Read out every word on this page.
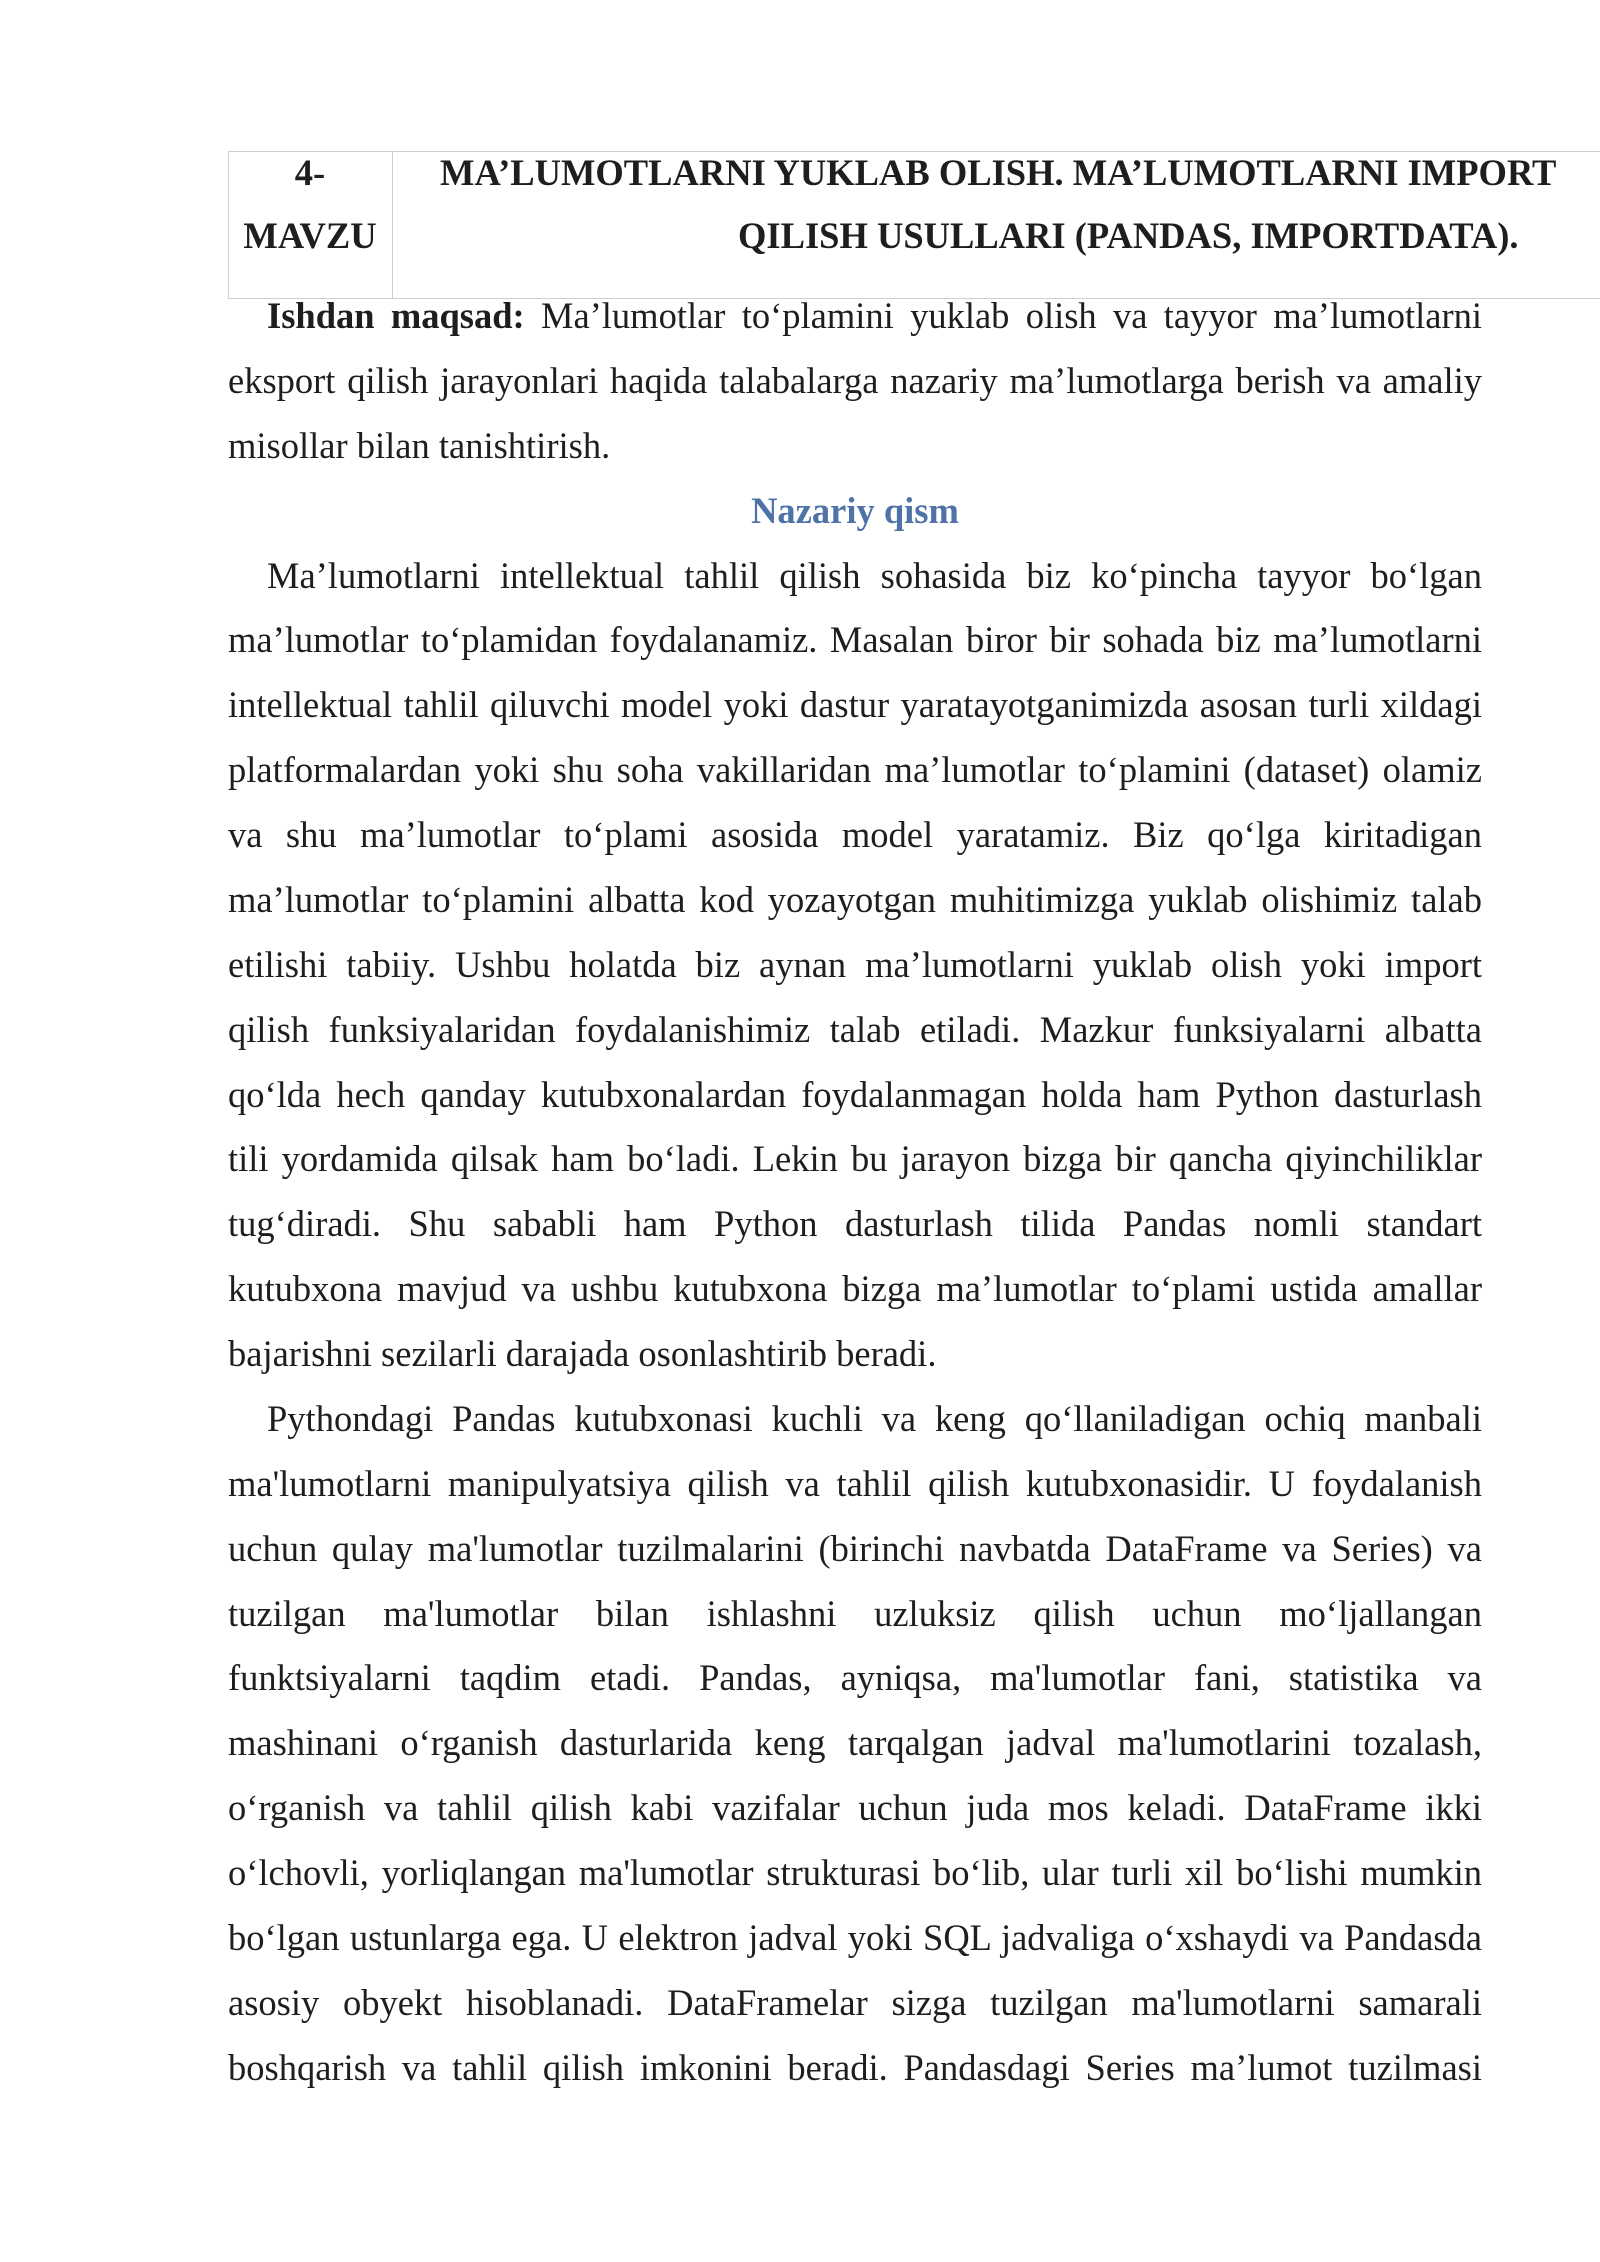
4-
MAVZU
MA’LUMOTLARNI YUKLAB OLISH. MA’LUMOTLARNI IMPORT
QILISH USULLARI (PANDAS, IMPORTDATA).
Ishdan maqsad: Ma’lumotlar to‘plamini yuklab olish va tayyor ma’lumotlarni
eksport qilish jarayonlari haqida talabalarga nazariy ma’lumotlarga berish va amaliy
misollar bilan tanishtirish.
Nazariy qism
Ma’lumotlarni intellektual tahlil qilish sohasida biz ko‘pincha tayyor bo‘lgan
ma’lumotlar to‘plamidan foydalanamiz. Masalan biror bir sohada biz ma’lumotlarni
intellektual tahlil qiluvchi model yoki dastur yaratayotganimizda asosan turli xildagi
platformalardan yoki shu soha vakillaridan ma’lumotlar to‘plamini (dataset) olamiz
va shu ma’lumotlar to‘plami asosida model yaratamiz. Biz qo‘lga kiritadigan
ma’lumotlar to‘plamini albatta kod yozayotgan muhitimizga yuklab olishimiz talab
etilishi tabiiy. Ushbu holatda biz aynan ma’lumotlarni yuklab olish yoki import
qilish funksiyalaridan foydalanishimiz talab etiladi. Mazkur funksiyalarni albatta
qo‘lda hech qanday kutubxonalardan foydalanmagan holda ham Python dasturlash
tili yordamida qilsak ham bo‘ladi. Lekin bu jarayon bizga bir qancha qiyinchiliklar
tug‘diradi. Shu sababli ham Python dasturlash tilida Pandas nomli standart
kutubxona mavjud va ushbu kutubxona bizga ma’lumotlar to‘plami ustida amallar
bajarishni sezilarli darajada osonlashtirib beradi.
Pythondagi Pandas kutubxonasi kuchli va keng qo‘llaniladigan ochiq manbali
ma'lumotlarni manipulyatsiya qilish va tahlil qilish kutubxonasidir. U foydalanish
uchun qulay ma'lumotlar tuzilmalarini (birinchi navbatda DataFrame va Series) va
tuzilgan ma'lumotlar bilan ishlashni uzluksiz qilish uchun mo‘ljallangan
funktsiyalarni taqdim etadi. Pandas, ayniqsa, ma'lumotlar fani, statistika va
mashinani o‘rganish dasturlarida keng tarqalgan jadval ma'lumotlarini tozalash,
o‘rganish va tahlil qilish kabi vazifalar uchun juda mos keladi. DataFrame ikki
o‘lchovli, yorliqlangan ma'lumotlar strukturasi bo‘lib, ular turli xil bo‘lishi mumkin
bo‘lgan ustunlarga ega. U elektron jadval yoki SQL jadvaliga o‘xshaydi va Pandasda
asosiy obyekt hisoblanadi. DataFramelar sizga tuzilgan ma'lumotlarni samarali
boshqarish va tahlil qilish imkonini beradi. Pandasdagi Series ma’lumot tuzilmasi
